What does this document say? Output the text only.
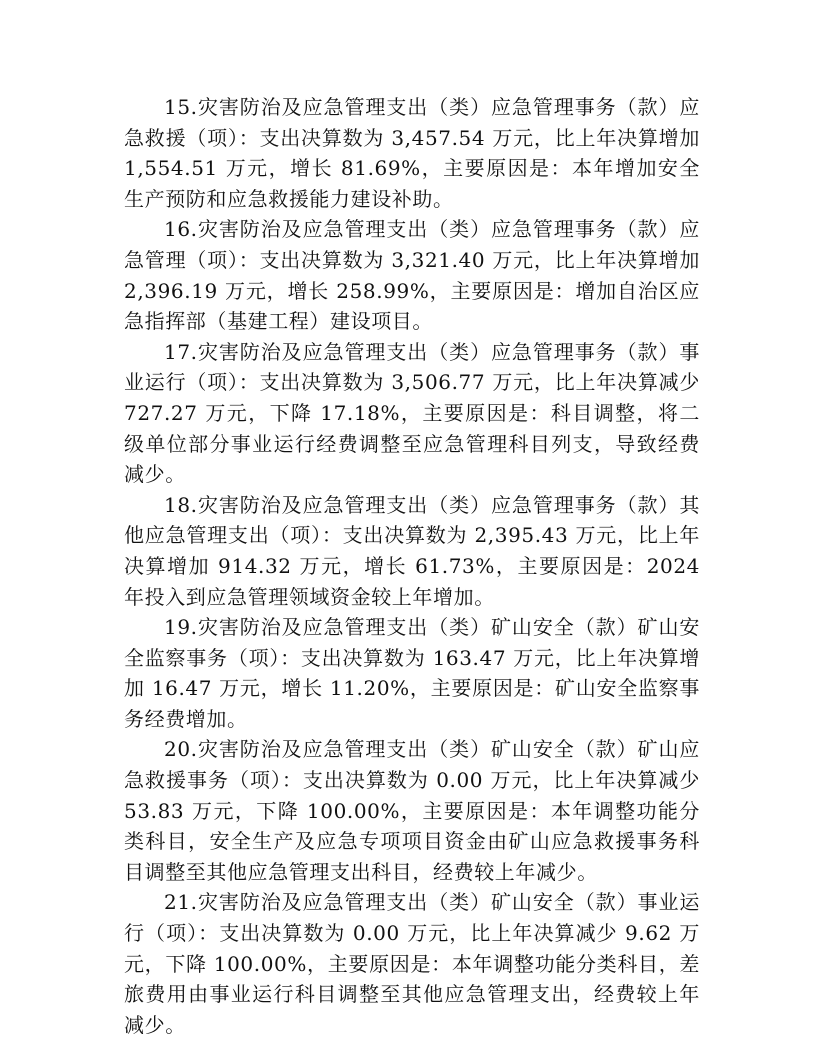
15.灾害防治及应急管理支出（类）应急管理事务（款）应急救援（项）：支出决算数为 3,457.54 万元，比上年决算增加 1,554.51 万元，增长 81.69%，主要原因是：本年增加安全生产预防和应急救援能力建设补助。

16.灾害防治及应急管理支出（类）应急管理事务（款）应急管理（项）：支出决算数为 3,321.40 万元，比上年决算增加 2,396.19 万元，增长 258.99%，主要原因是：增加自治区应急指挥部（基建工程）建设项目。

17.灾害防治及应急管理支出（类）应急管理事务（款）事业运行（项）：支出决算数为 3,506.77 万元，比上年决算减少 727.27 万元，下降 17.18%，主要原因是：科目调整，将二级单位部分事业运行经费调整至应急管理科目列支，导致经费减少。

18.灾害防治及应急管理支出（类）应急管理事务（款）其他应急管理支出（项）：支出决算数为 2,395.43 万元，比上年决算增加 914.32 万元，增长 61.73%，主要原因是：2024 年投入到应急管理领域资金较上年增加。

19.灾害防治及应急管理支出（类）矿山安全（款）矿山安全监察事务（项）：支出决算数为 163.47 万元，比上年决算增加 16.47 万元，增长 11.20%，主要原因是：矿山安全监察事务经费增加。

20.灾害防治及应急管理支出（类）矿山安全（款）矿山应急救援事务（项）：支出决算数为 0.00 万元，比上年决算减少 53.83 万元，下降 100.00%，主要原因是：本年调整功能分类科目，安全生产及应急专项项目资金由矿山应急救援事务科目调整至其他应急管理支出科目，经费较上年减少。

21.灾害防治及应急管理支出（类）矿山安全（款）事业运行（项）：支出决算数为 0.00 万元，比上年决算减少 9.62 万元，下降 100.00%，主要原因是：本年调整功能分类科目，差旅费用由事业运行科目调整至其他应急管理支出，经费较上年减少。
